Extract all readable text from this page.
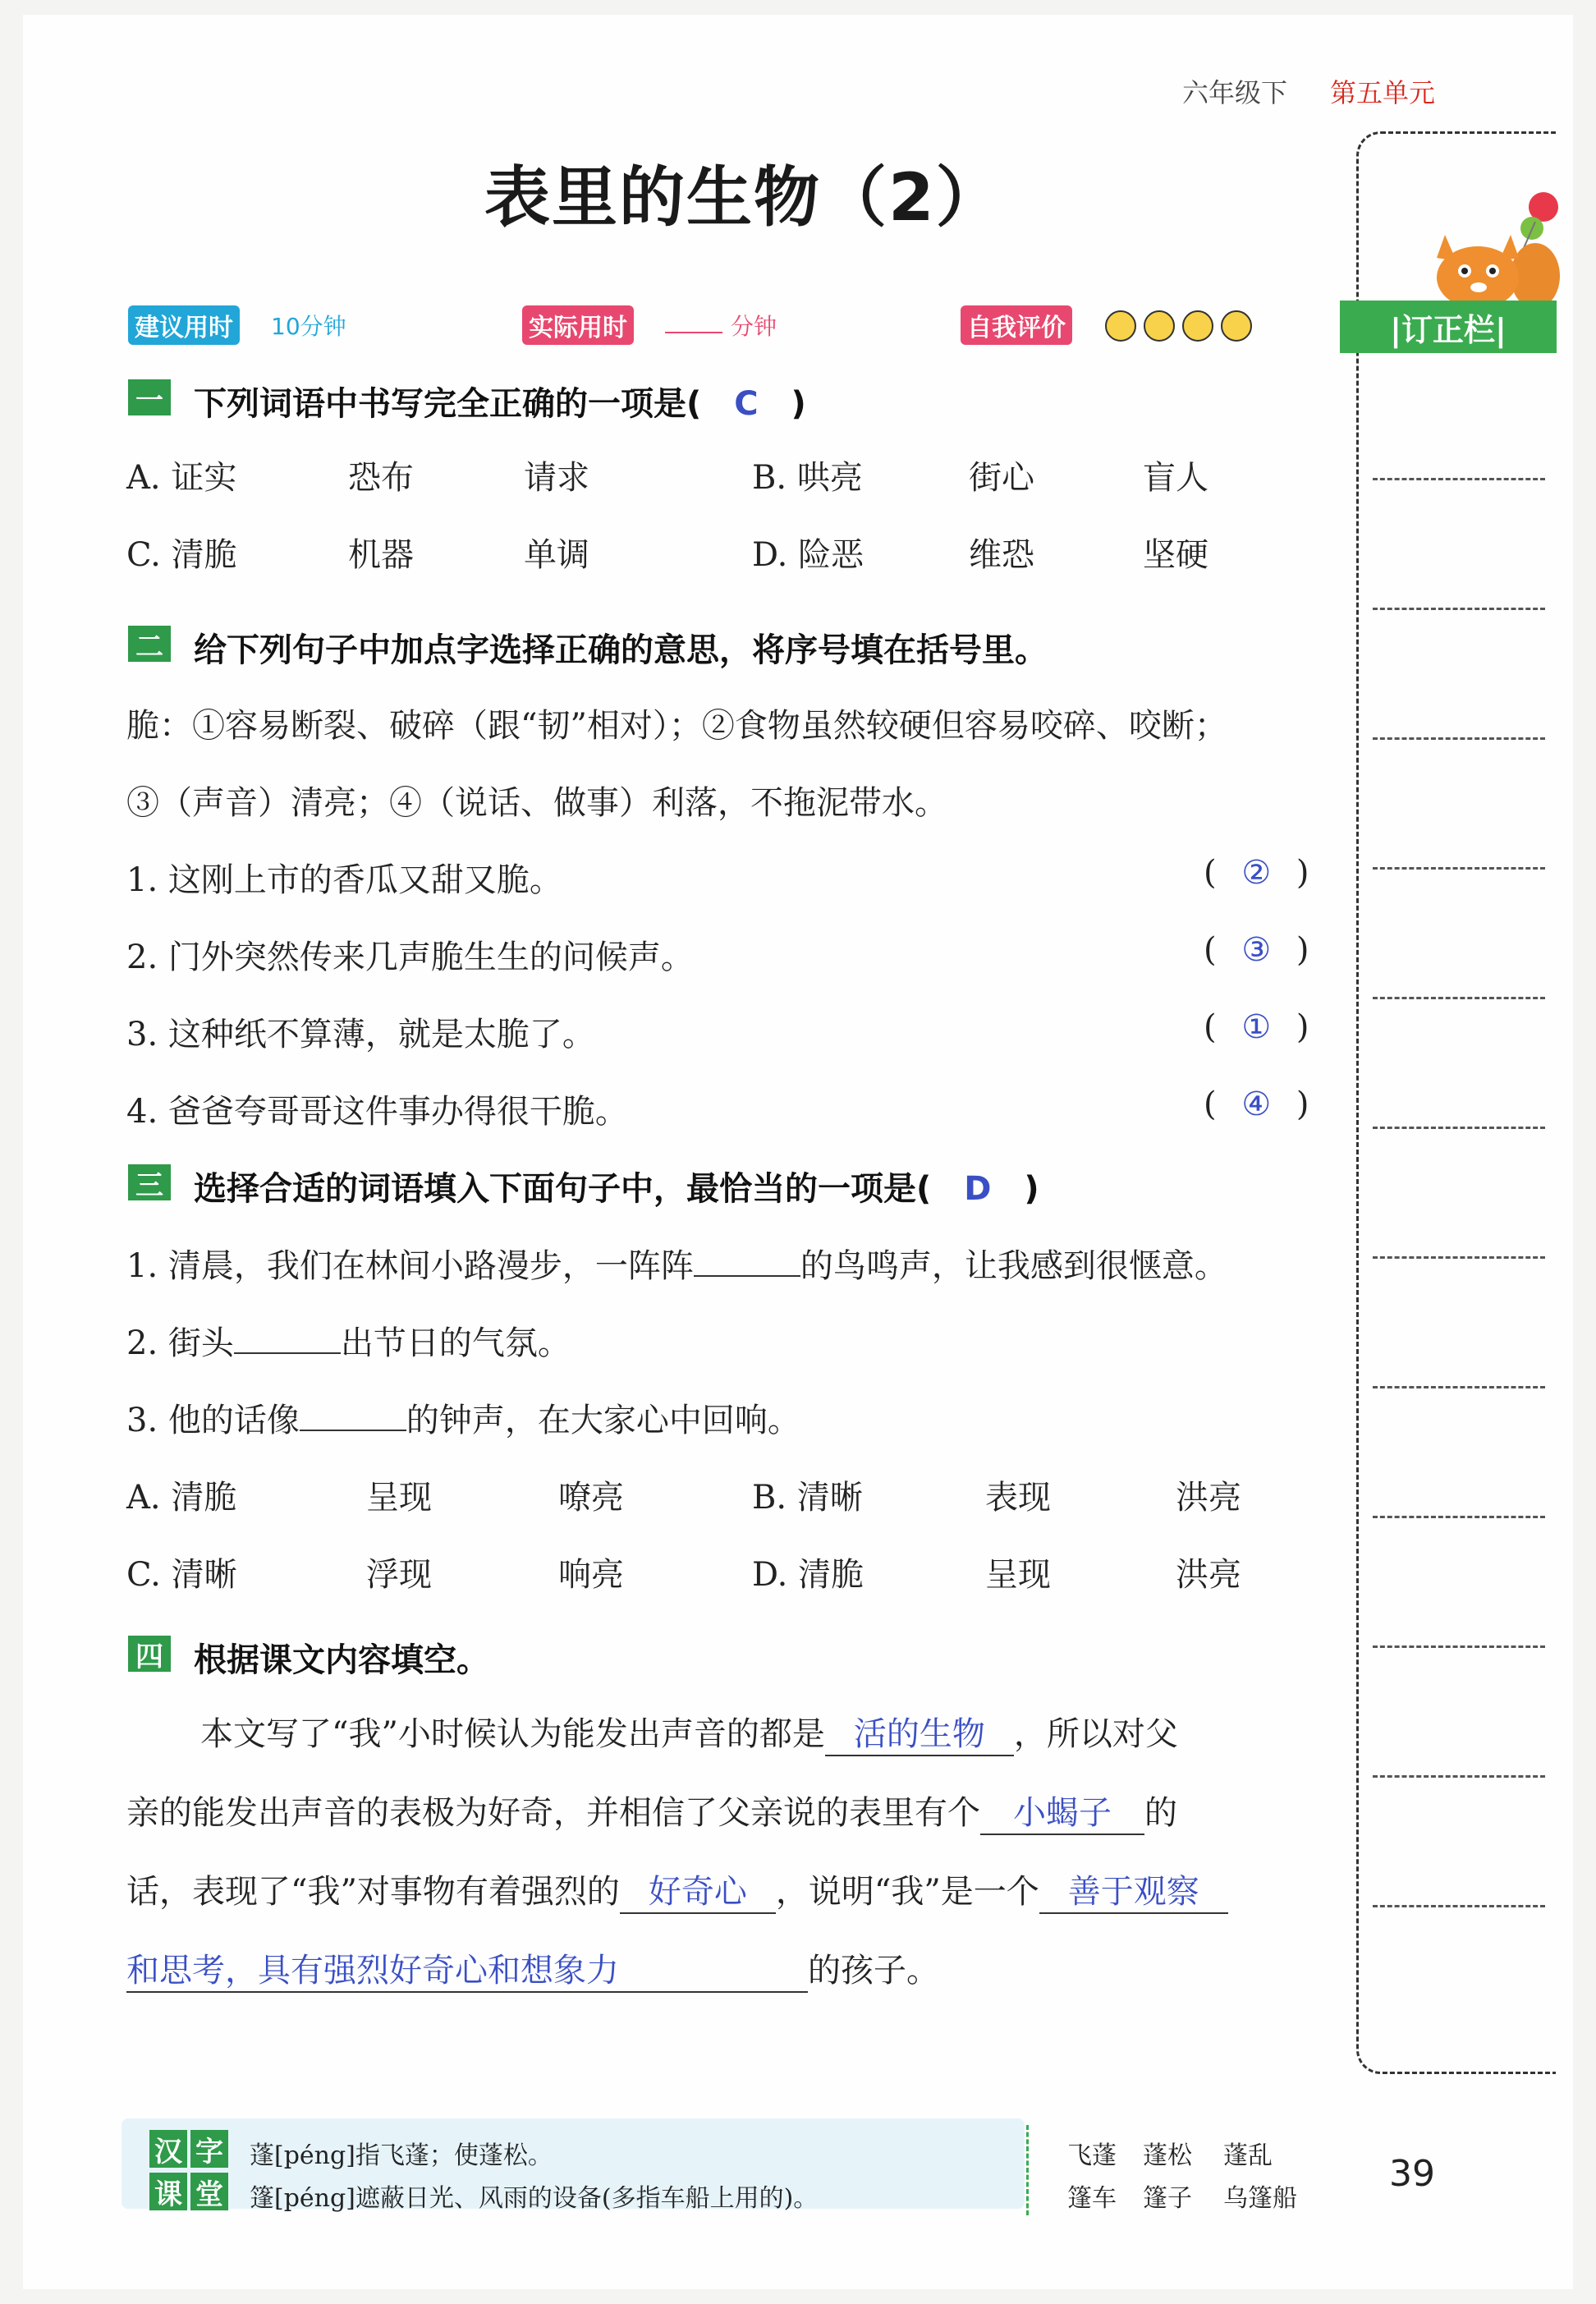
六年级下 第五单元
表里的生物（2）
建议用时 10分钟	实际用时	分钟	自我评价
	|订正栏|
一 下列词语中书写完全正确的一项是( C )
A. 证实	恐布	请求	B. 哄亮	街心	盲人
C. 清脆	机器	单调	D. 险恶	维恐	坚硬
二 给下列句子中加点字选择正确的意思，将序号填在括号里。
脆：①容易断裂、破碎（跟“韧”相对）；②食物虽然较硬但容易咬碎、咬断；
③（声音）清亮；④（说话、做事）利落，不拖泥带水。
1. 这刚上市的香瓜又甜又脆。	( ② )
2. 门外突然传来几声脆生生的问候声。	( ③ )
3. 这种纸不算薄，就是太脆了。	( ① )
4. 爸爸夸哥哥这件事办得很干脆。	( ④ )
三 选择合适的词语填入下面句子中，最恰当的一项是( D )
1. 清晨，我们在林间小路漫步，一阵阵	的鸟鸣声，让我感到很惬意。
2. 街头	出节日的气氛。
3. 他的话像	的钟声，在大家心中回响。
A. 清脆	呈现	嘹亮	B. 清晰	表现	洪亮
C. 清晰	浮现	响亮	D. 清脆	呈现	洪亮
四 根据课文内容填空。
本文写了“我”小时候认为能发出声音的都是 活的生物 ，所以对父
亲的能发出声音的表极为好奇，并相信了父亲说的表里有个 小蝎子 的
话，表现了“我”对事物有着强烈的 好奇心 ，说明“我”是一个 善于观察
和思考，具有强烈好奇心和想象力	的孩子。
汉 字
课 堂
蓬[péng]指飞蓬；使蓬松。
篷[péng]遮蔽日光、风雨的设备(多指车船上用的)。
飞蓬 蓬松 蓬乱
篷车 篷子 乌篷船
39
